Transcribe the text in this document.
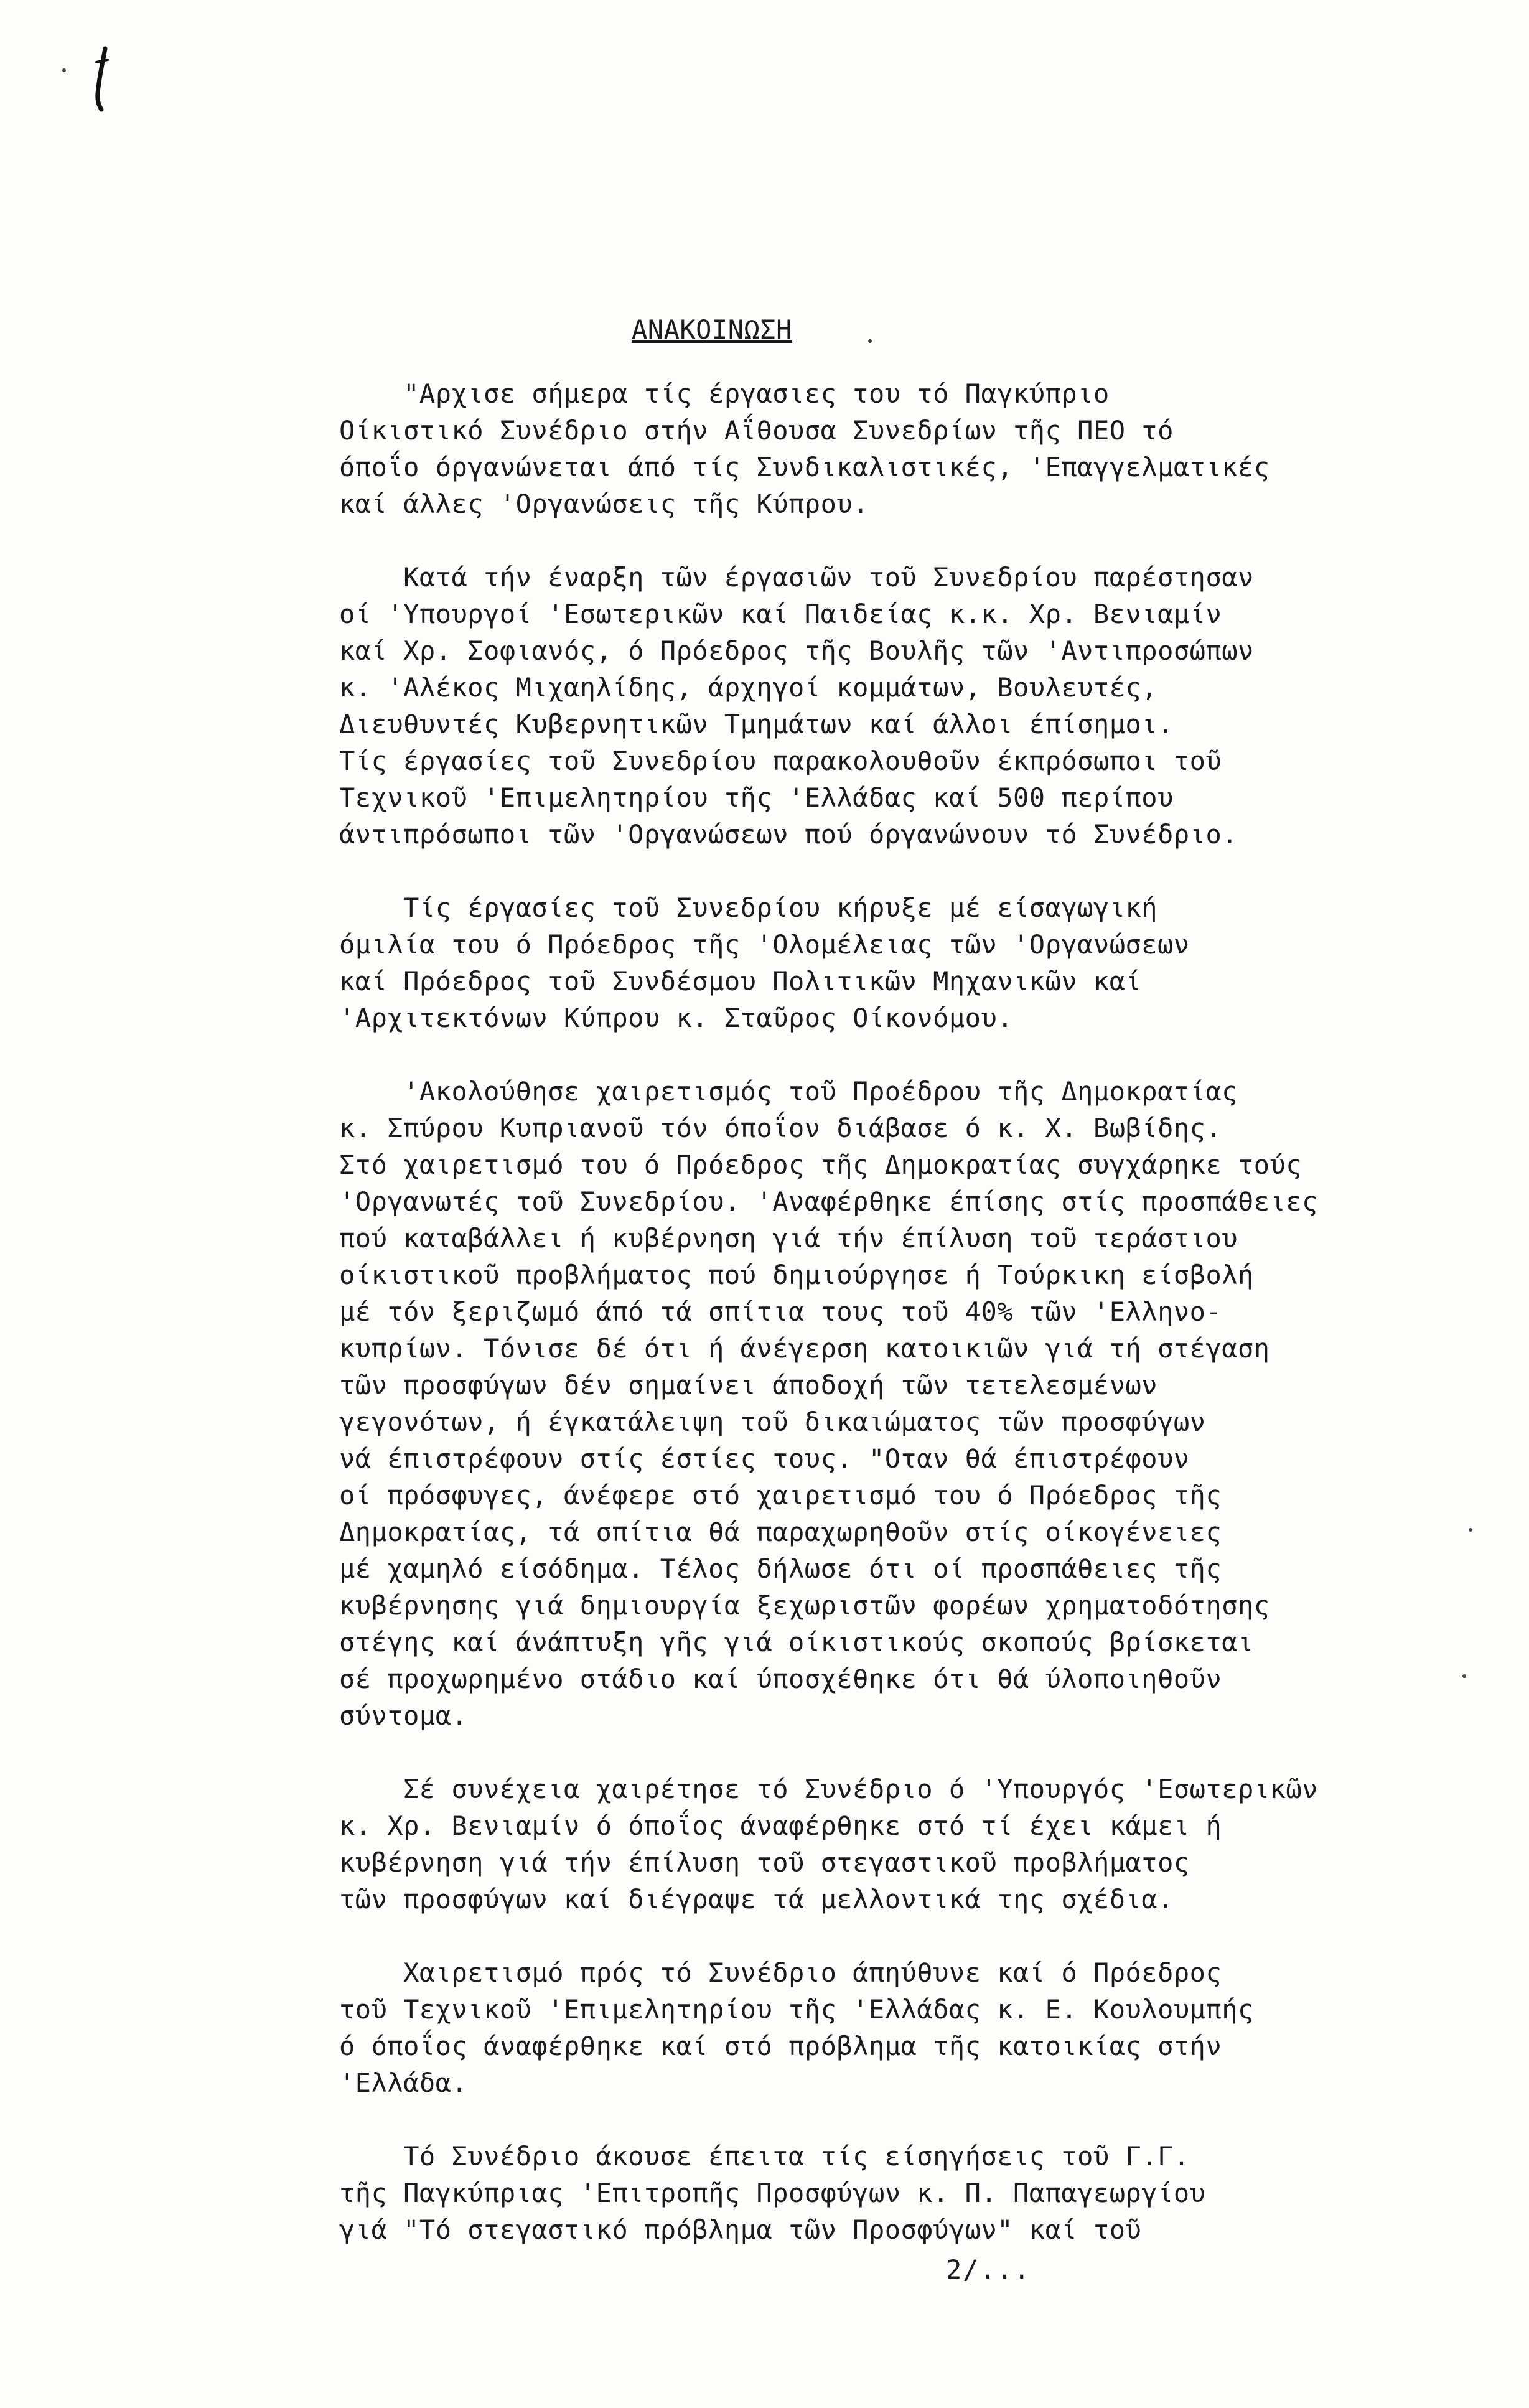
ΑΝΑΚΟΙΝΩΣΗ
"Αρχισε σήμερα τίς έργασιες του τό Παγκύπριο
Οίκιστικό Συνέδριο στήν Αΐθουσα Συνεδρίων τῆς ΠΕΟ τό
όποΐο όργανώνεται άπό τίς Συνδικαλιστικές, 'Επαγγελματικές
καί άλλες 'Οργανώσεις τῆς Κύπρου.
Κατά τήν έναρξη τῶν έργασιῶν τοῦ Συνεδρίου παρέστησαν
οί 'Υπουργοί 'Εσωτερικῶν καί Παιδείας κ.κ. Χρ. Βενιαμίν
καί Χρ. Σοφιανός, ό Πρόεδρος τῆς Βουλῆς τῶν 'Αντιπροσώπων
κ. 'Αλέκος Μιχαηλίδης, άρχηγοί κομμάτων, Βουλευτές,
Διευθυντές Κυβερνητικῶν Τμημάτων καί άλλοι έπίσημοι.
Τίς έργασίες τοῦ Συνεδρίου παρακολουθοῦν έκπρόσωποι τοῦ
Τεχνικοῦ 'Επιμελητηρίου τῆς 'Ελλάδας καί 500 περίπου
άντιπρόσωποι τῶν 'Οργανώσεων πού όργανώνουν τό Συνέδριο.
Τίς έργασίες τοῦ Συνεδρίου κήρυξε μέ είσαγωγική
όμιλία του ό Πρόεδρος τῆς 'Ολομέλειας τῶν 'Οργανώσεων
καί Πρόεδρος τοῦ Συνδέσμου Πολιτικῶν Μηχανικῶν καί
'Αρχιτεκτόνων Κύπρου κ. Σταῦρος Οίκονόμου.
'Ακολούθησε χαιρετισμός τοῦ Προέδρου τῆς Δημοκρατίας
κ. Σπύρου Κυπριανοῦ τόν όποΐον διάβασε ό κ. Χ. Βωβίδης.
Στό χαιρετισμό του ό Πρόεδρος τῆς Δημοκρατίας συγχάρηκε τούς
'Οργανωτές τοῦ Συνεδρίου. 'Αναφέρθηκε έπίσης στίς προσπάθειες
πού καταβάλλει ή κυβέρνηση γιά τήν έπίλυση τοῦ τεράστιου
οίκιστικοῦ προβλήματος πού δημιούργησε ή Τούρκικη είσβολή
μέ τόν ξεριζωμό άπό τά σπίτια τους τοῦ 40% τῶν 'Ελληνο-
κυπρίων. Τόνισε δέ ότι ή άνέγερση κατοικιῶν γιά τή στέγαση
τῶν προσφύγων δέν σημαίνει άποδοχή τῶν τετελεσμένων
γεγονότων, ή έγκατάλειψη τοῦ δικαιώματος τῶν προσφύγων
νά έπιστρέφουν στίς έστίες τους. "Οταν θά έπιστρέφουν
οί πρόσφυγες, άνέφερε στό χαιρετισμό του ό Πρόεδρος τῆς
Δημοκρατίας, τά σπίτια θά παραχωρηθοῦν στίς οίκογένειες
μέ χαμηλό είσόδημα. Τέλος δήλωσε ότι οί προσπάθειες τῆς
κυβέρνησης γιά δημιουργία ξεχωριστῶν φορέων χρηματοδότησης
στέγης καί άνάπτυξη γῆς γιά οίκιστικούς σκοπούς βρίσκεται
σέ προχωρημένο στάδιο καί ύποσχέθηκε ότι θά ύλοποιηθοῦν
σύντομα.
Σέ συνέχεια χαιρέτησε τό Συνέδριο ό 'Υπουργός 'Εσωτερικῶν
κ. Χρ. Βενιαμίν ό όποΐος άναφέρθηκε στό τί έχει κάμει ή
κυβέρνηση γιά τήν έπίλυση τοῦ στεγαστικοῦ προβλήματος
τῶν προσφύγων καί διέγραψε τά μελλοντικά της σχέδια.
Χαιρετισμό πρός τό Συνέδριο άπηύθυνε καί ό Πρόεδρος
τοῦ Τεχνικοῦ 'Επιμελητηρίου τῆς 'Ελλάδας κ. Ε. Κουλουμπής
ό όποΐος άναφέρθηκε καί στό πρόβλημα τῆς κατοικίας στήν
'Ελλάδα.
Τό Συνέδριο άκουσε έπειτα τίς είσηγήσεις τοῦ Γ.Γ.
τῆς Παγκύπριας 'Επιτροπῆς Προσφύγων κ. Π. Παπαγεωργίου
γιά "Τό στεγαστικό πρόβλημα τῶν Προσφύγων" καί τοῦ
2/...
